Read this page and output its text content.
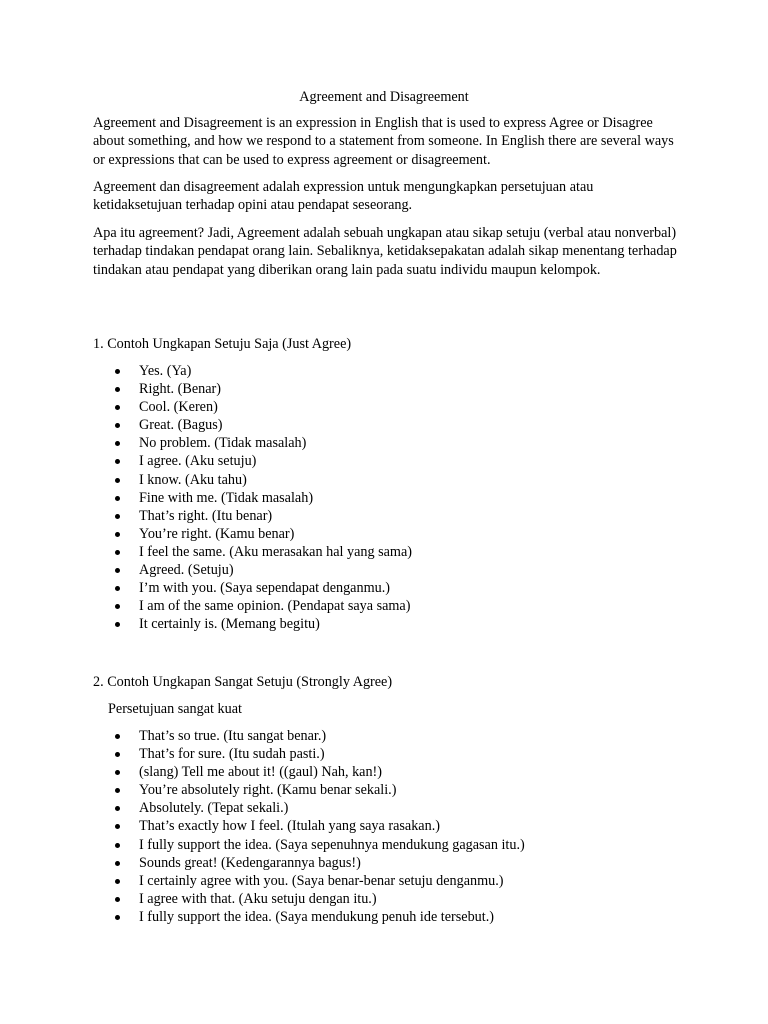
Agreement and Disagreement

Agreement and Disagreement is an expression in English that is used to express Agree or Disagree about something, and how we respond to a statement from someone. In English there are several ways or expressions that can be used to express agreement or disagreement.

Agreement dan disagreement adalah expression untuk mengungkapkan persetujuan atau ketidaksetujuan terhadap opini atau pendapat seseorang.

Apa itu agreement? Jadi, Agreement adalah sebuah ungkapan atau sikap setuju (verbal atau nonverbal) terhadap tindakan pendapat orang lain. Sebaliknya, ketidaksepakatan adalah sikap menentang terhadap tindakan atau pendapat yang diberikan orang lain pada suatu individu maupun kelompok.

1. Contoh Ungkapan Setuju Saja (Just Agree)

Yes. (Ya)
Right. (Benar)
Cool. (Keren)
Great. (Bagus)
No problem. (Tidak masalah)
I agree. (Aku setuju)
I know. (Aku tahu)
Fine with me. (Tidak masalah)
That’s right. (Itu benar)
You’re right. (Kamu benar)
I feel the same. (Aku merasakan hal yang sama)
Agreed. (Setuju)
I’m with you. (Saya sependapat denganmu.)
I am of the same opinion. (Pendapat saya sama)
It certainly is. (Memang begitu)

2. Contoh Ungkapan Sangat Setuju (Strongly Agree)

Persetujuan sangat kuat

That’s so true. (Itu sangat benar.)
That’s for sure. (Itu sudah pasti.)
(slang) Tell me about it! ((gaul) Nah, kan!)
You’re absolutely right. (Kamu benar sekali.)
Absolutely. (Tepat sekali.)
That’s exactly how I feel. (Itulah yang saya rasakan.)
I fully support the idea. (Saya sepenuhnya mendukung gagasan itu.)
Sounds great! (Kedengarannya bagus!)
I certainly agree with you. (Saya benar-benar setuju denganmu.)
I agree with that. (Aku setuju dengan itu.)
I fully support the idea. (Saya mendukung penuh ide tersebut.)
